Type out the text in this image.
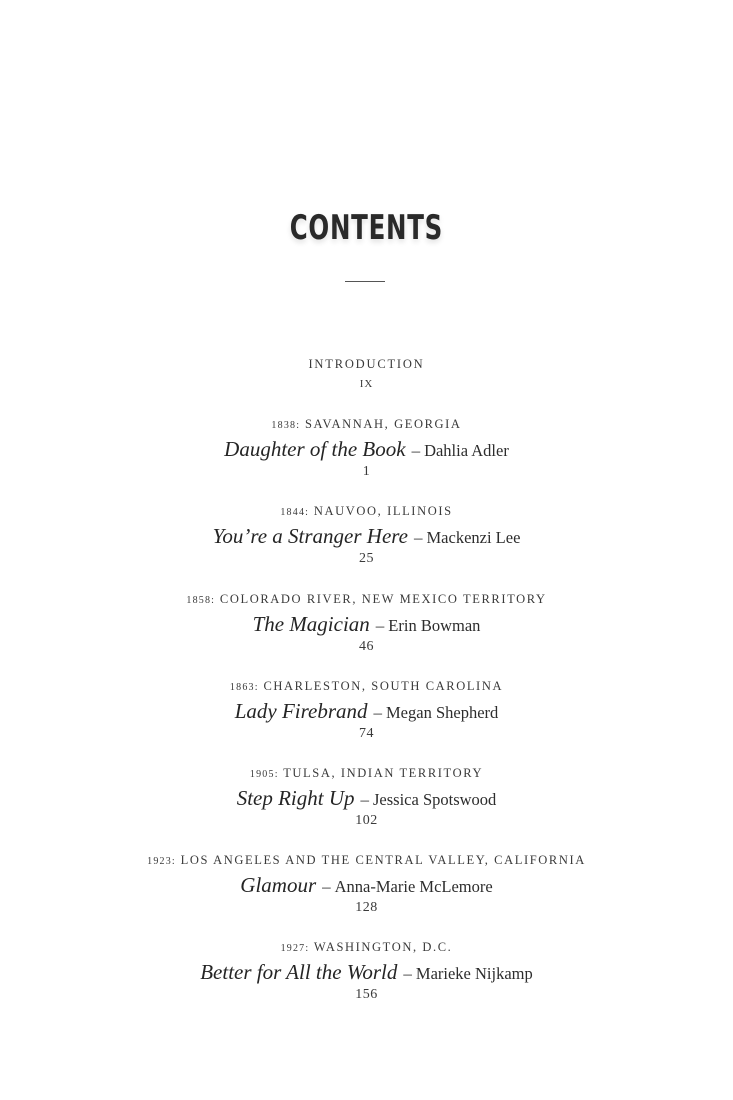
CONTENTS
INTRODUCTION
IX
1838: SAVANNAH, GEORGIA
Daughter of the Book – Dahlia Adler
1
1844: NAUVOO, ILLINOIS
You’re a Stranger Here – Mackenzi Lee
25
1858: COLORADO RIVER, NEW MEXICO TERRITORY
The Magician – Erin Bowman
46
1863: CHARLESTON, SOUTH CAROLINA
Lady Firebrand – Megan Shepherd
74
1905: TULSA, INDIAN TERRITORY
Step Right Up – Jessica Spotswood
102
1923: LOS ANGELES AND THE CENTRAL VALLEY, CALIFORNIA
Glamour – Anna-Marie McLemore
128
1927: WASHINGTON, D.C.
Better for All the World – Marieke Nijkamp
156
